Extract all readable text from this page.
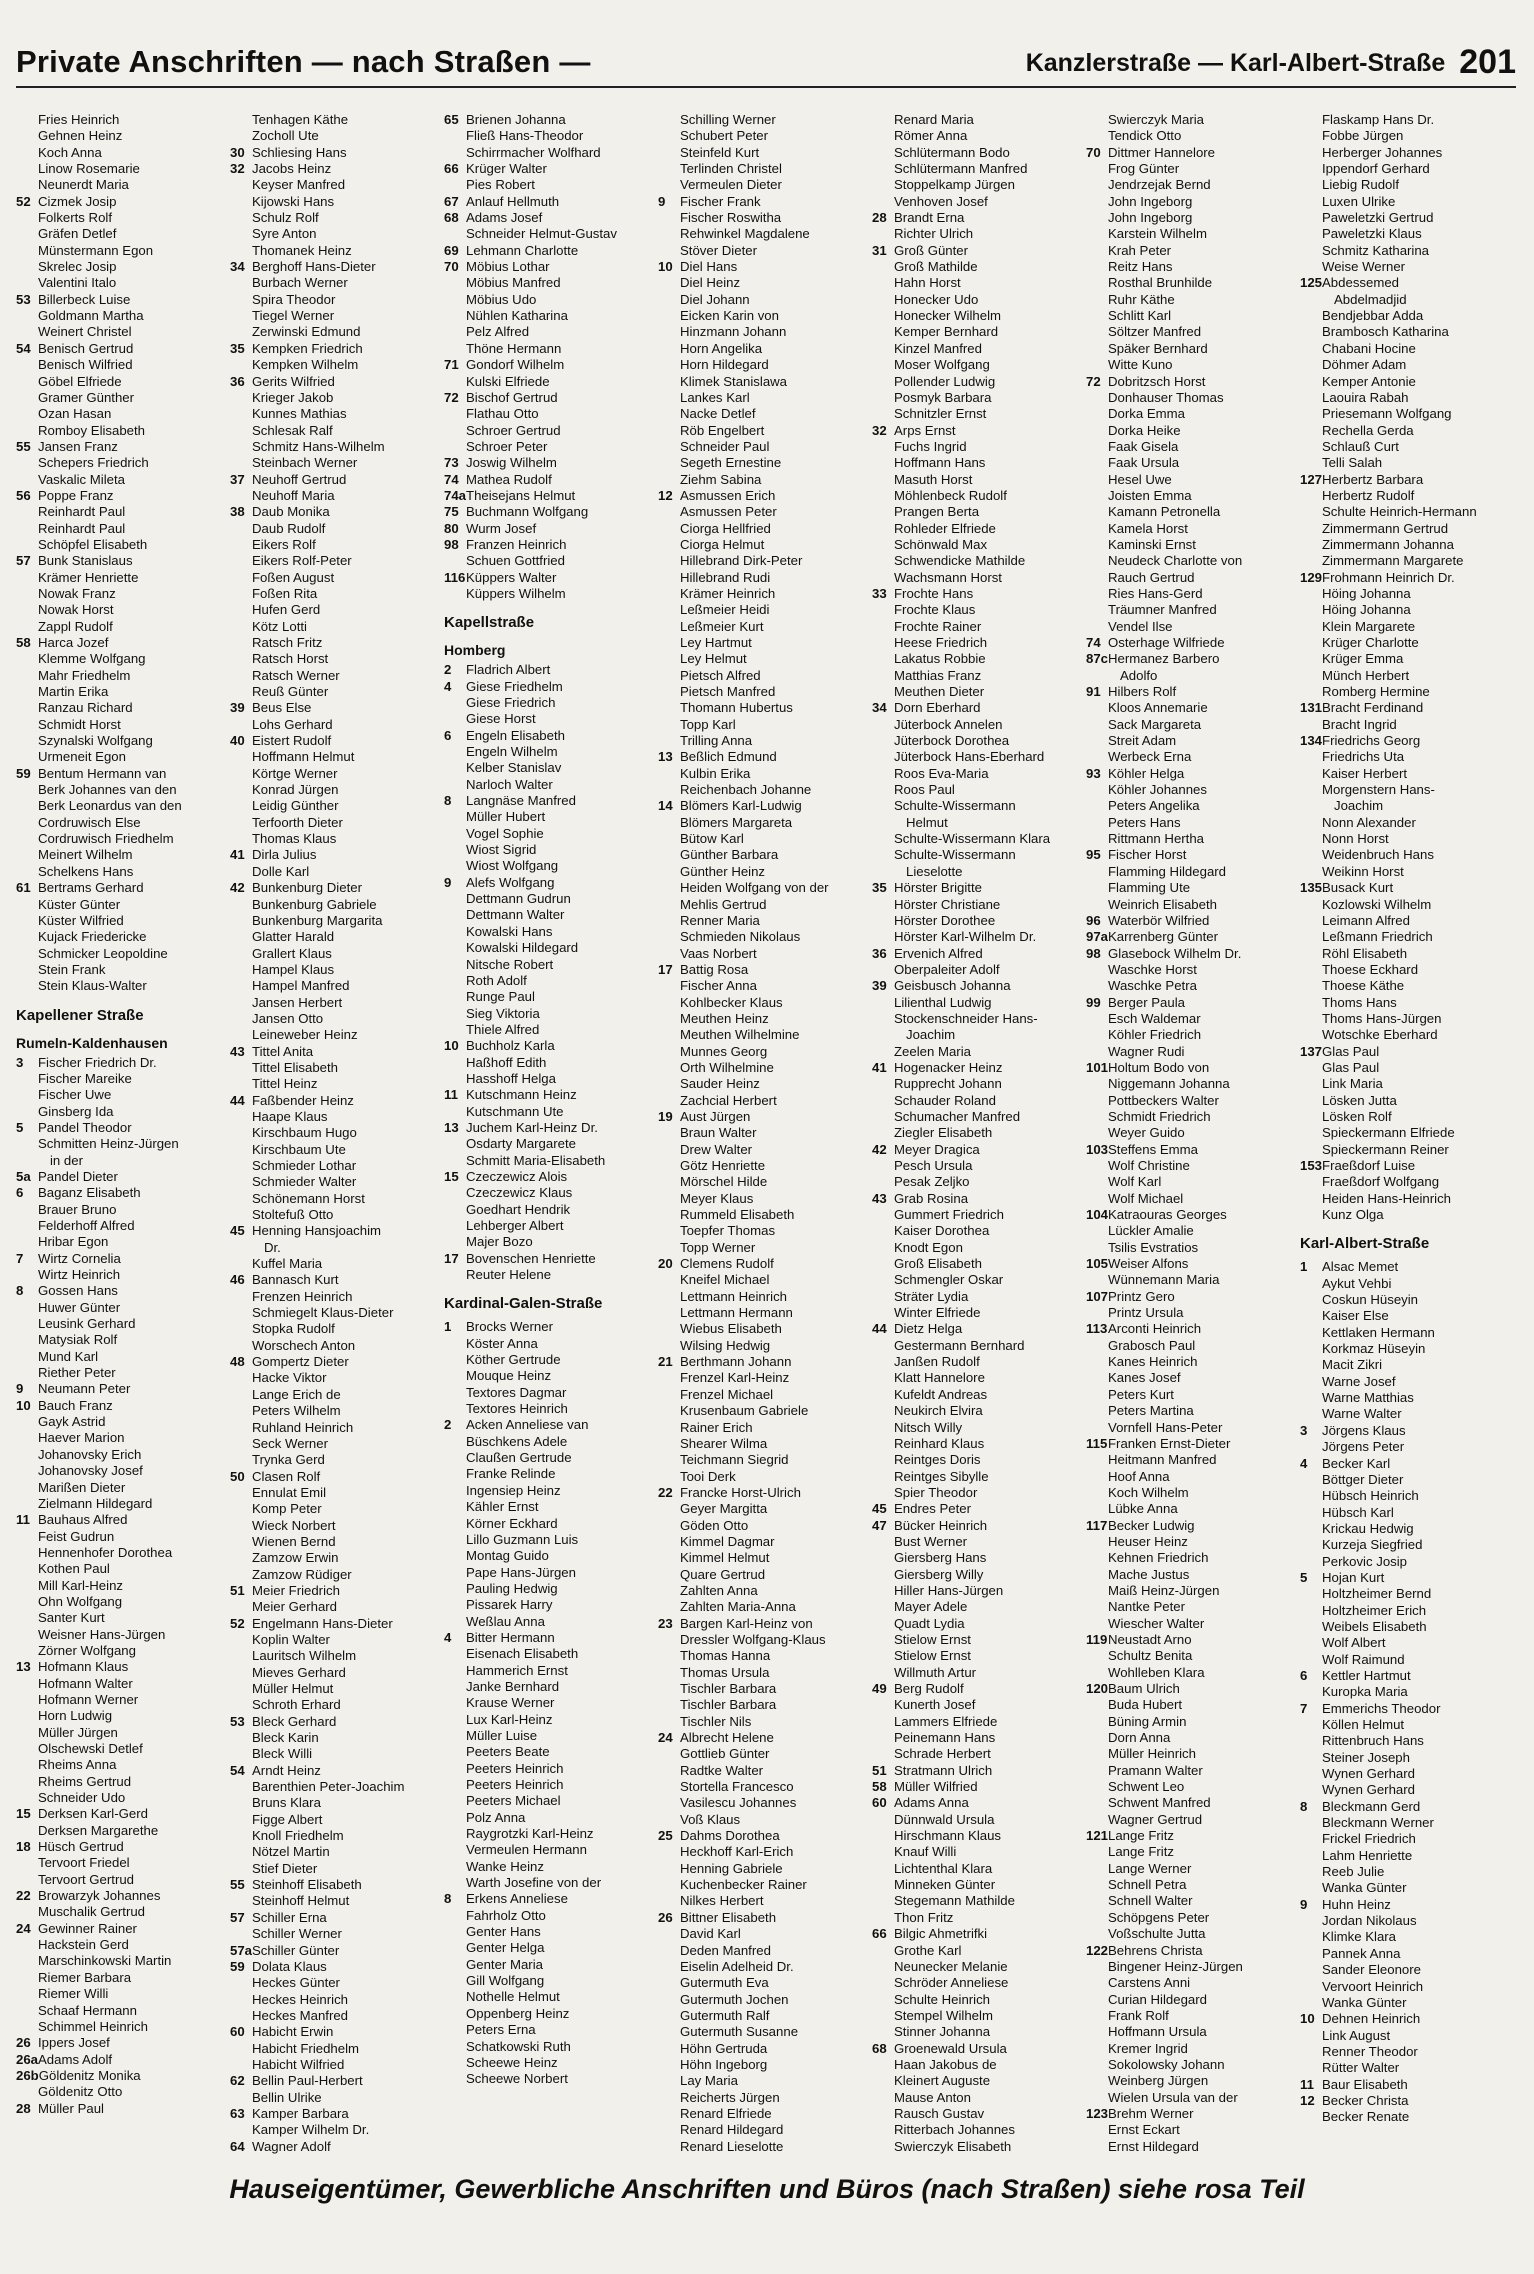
Private Anschriften — nach Straßen —	Kanzlerstraße — Karl-Albert-Straße 201
Fries Heinrich
Gehnen Heinz
Koch Anna
Linow Rosemarie
Neunerdt Maria
52 Cizmek Josip
Folkerts Rolf
Gräfen Detlef
Münstermann Egon
Skrelec Josip
Valentini Italo
53 Billerbeck Luise
Goldmann Martha
Weinert Christel
54 Benisch Gertrud
Benisch Wilfried
Göbel Elfriede
Gramer Günther
Ozan Hasan
Romboy Elisabeth
55 Jansen Franz
Schepers Friedrich
Vaskalic Mileta
56 Poppe Franz
Reinhardt Paul
Reinhardt Paul
Schöpfel Elisabeth
57 Bunk Stanislaus
Krämer Henriette
Nowak Franz
Nowak Horst
Zappl Rudolf
58 Harca Jozef
Klemme Wolfgang
Mahr Friedhelm
Martin Erika
Ranzau Richard
Schmidt Horst
Szynalski Wolfgang
Urmeneit Egon
59 Bentum Hermann van
Berk Johannes van den
Berk Leonardus van den
Cordruwisch Else
Cordruwisch Friedhelm
Meinert Wilhelm
Schelkens Hans
61 Bertrams Gerhard
Küster Günter
Küster Wilfried
Kujack Friedericke
Schmicker Leopoldine
Stein Frank
Stein Klaus-Walter
Kapellener Straße
Rumeln-Kaldenhausen
3	Fischer Friedrich Dr.
Fischer Mareike
Fischer Uwe
Ginsberg Ida
5	Pandel Theodor
Schmitten Heinz-Jürgen
in der
5a Pandel Dieter
6	Baganz Elisabeth
Brauer Bruno
Felderhoff Alfred
Hribar Egon
7	Wirtz Cornelia
Wirtz Heinrich
8	Gossen Hans
Huwer Günter
Leusink Gerhard
Matysiak Rolf
Mund Karl
Riether Peter
9	Neumann Peter
10 Bauch Franz
Gayk Astrid
Haever Marion
Johanovsky Erich
Johanovsky Josef
Marißen Dieter
Zielmann Hildegard
11 Bauhaus Alfred
Feist Gudrun
Hennenhofer Dorothea
Kothen Paul
Mill Karl-Heinz
Ohn Wolfgang
Santer Kurt
Weisner Hans-Jürgen
Zörner Wolfgang
13 Hofmann Klaus
Hofmann Walter
Hofmann Werner
Horn Ludwig
Müller Jürgen
Olschewski Detlef
Rheims Anna
Rheims Gertrud
Schneider Udo
15 Derksen Karl-Gerd
Derksen Margarethe
18 Hüsch Gertrud
Tervoort Friedel
Tervoort Gertrud
22 Browarzyk Johannes
Muschalik Gertrud
24 Gewinner Rainer
Hackstein Gerd
Marschinkowski Martin
Riemer Barbara
Riemer Willi
Schaaf Hermann
Schimmel Heinrich
26 Ippers Josef
26a Adams Adolf
26b Göldenitz Monika
Göldenitz Otto
28 Müller Paul
Tenhagen Käthe
Zocholl Ute
30 Schliesing Hans
32 Jacobs Heinz
Keyser Manfred
Kijowski Hans
Schulz Rolf
Syre Anton
Thomanek Heinz
34 Berghoff Hans-Dieter
Burbach Werner
Spira Theodor
Tiegel Werner
Zerwinski Edmund
35 Kempken Friedrich
Kempken Wilhelm
36 Gerits Wilfried
Krieger Jakob
Kunnes Mathias
Schlesak Ralf
Schmitz Hans-Wilhelm
Steinbach Werner
37 Neuhoff Gertrud
Neuhoff Maria
38 Daub Monika
Daub Rudolf
Eikers Rolf
Eikers Rolf-Peter
Foßen August
Foßen Rita
Hufen Gerd
Kötz Lotti
Ratsch Fritz
Ratsch Horst
Ratsch Werner
Reuß Günter
39 Beus Else
Lohs Gerhard
40 Eistert Rudolf
Hoffmann Helmut
Körtge Werner
Konrad Jürgen
Leidig Günther
Terfoorth Dieter
Thomas Klaus
41 Dirla Julius
Dolle Karl
42 Bunkenburg Dieter
Bunkenburg Gabriele
Bunkenburg Margarita
Glatter Harald
Grallert Klaus
Hampel Klaus
Hampel Manfred
Jansen Herbert
Jansen Otto
Leineweber Heinz
43 Tittel Anita
Tittel Elisabeth
Tittel Heinz
44 Faßbender Heinz
Haape Klaus
Kirschbaum Hugo
Kirschbaum Ute
Schmieder Lothar
Schmieder Walter
Schönemann Horst
Stoltefuß Otto
45 Henning Hansjoachim
Dr.
Kuffel Maria
46 Bannasch Kurt
Frenzen Heinrich
Schmiegelt Klaus-Dieter
Stopka Rudolf
Worschech Anton
48 Gompertz Dieter
Hacke Viktor
Lange Erich de
Peters Wilhelm
Ruhland Heinrich
Seck Werner
Trynka Gerd
50 Clasen Rolf
Ennulat Emil
Komp Peter
Wieck Norbert
Wienen Bernd
Zamzow Erwin
Zamzow Rüdiger
51 Meier Friedrich
Meier Gerhard
52 Engelmann Hans-Dieter
Koplin Walter
Lauritsch Wilhelm
Mieves Gerhard
Müller Helmut
Schroth Erhard
53 Bleck Gerhard
Bleck Karin
Bleck Willi
54 Arndt Heinz
Barenthien Peter-Joachim
Bruns Klara
Figge Albert
Knoll Friedhelm
Nötzel Martin
Stief Dieter
55 Steinhoff Elisabeth
Steinhoff Helmut
57 Schiller Erna
Schiller Werner
57a Schiller Günter
59 Dolata Klaus
Heckes Günter
Heckes Heinrich
Heckes Manfred
60 Habicht Erwin
Habicht Friedhelm
Habicht Wilfried
62 Bellin Paul-Herbert
Bellin Ulrike
63 Kamper Barbara
Kamper Wilhelm Dr.
64 Wagner Adolf
65 Brienen Johanna
Fließ Hans-Theodor
Schirrmacher Wolfhard
66 Krüger Walter
Pies Robert
67 Anlauf Hellmuth
68 Adams Josef
Schneider Helmut-Gustav
69 Lehmann Charlotte
70 Möbius Lothar
Möbius Manfred
Möbius Udo
Nühlen Katharina
Pelz Alfred
Thöne Hermann
71 Gondorf Wilhelm
Kulski Elfriede
72 Bischof Gertrud
Flathau Otto
Schroer Gertrud
Schroer Peter
73 Joswig Wilhelm
74 Mathea Rudolf
74a Theisejans Helmut
75 Buchmann Wolfgang
80 Wurm Josef
98 Franzen Heinrich
Schuen Gottfried
116 Küppers Walter
Küppers Wilhelm
Kapellstraße
Homberg
2	Fladrich Albert
4	Giese Friedhelm
Giese Friedrich
Giese Horst
6	Engeln Elisabeth
Engeln Wilhelm
Kelber Stanislav
Narloch Walter
8	Langnäse Manfred
Müller Hubert
Vogel Sophie
Wiost Sigrid
Wiost Wolfgang
9	Alefs Wolfgang
Dettmann Gudrun
Dettmann Walter
Kowalski Hans
Kowalski Hildegard
Nitsche Robert
Roth Adolf
Runge Paul
Sieg Viktoria
Thiele Alfred
10 Buchholz Karla
Haßhoff Edith
Hasshoff Helga
11 Kutschmann Heinz
Kutschmann Ute
13 Juchem Karl-Heinz Dr.
Osdarty Margarete
Schmitt Maria-Elisabeth
15 Czeczewicz Alois
Czeczewicz Klaus
Goedhart Hendrik
Lehberger Albert
Majer Bozo
17 Bovenschen Henriette
Reuter Helene
Kardinal-Galen-Straße
1	Brocks Werner
Köster Anna
Köther Gertrude
Mouque Heinz
Textores Dagmar
Textores Heinrich
2	Acken Anneliese van
Büschkens Adele
Claußen Gertrude
Franke Relinde
Ingensiep Heinz
Kähler Ernst
Körner Eckhard
Lillo Guzmann Luis
Montag Guido
Pape Hans-Jürgen
Pauling Hedwig
Pissarek Harry
Weßlau Anna
4	Bitter Hermann
Eisenach Elisabeth
Hammerich Ernst
Janke Bernhard
Krause Werner
Lux Karl-Heinz
Müller Luise
Peeters Beate
Peeters Heinrich
Peeters Heinrich
Peeters Michael
Polz Anna
Raygrotzki Karl-Heinz
Vermeulen Hermann
Wanke Heinz
Warth Josefine von der
8	Erkens Anneliese
Fahrholz Otto
Genter Hans
Genter Helga
Genter Maria
Gill Wolfgang
Nothelle Helmut
Oppenberg Heinz
Peters Erna
Schatkowski Ruth
Scheewe Heinz
Scheewe Norbert
Schilling Werner
Schubert Peter
Steinfeld Kurt
Terlinden Christel
Vermeulen Dieter
9	Fischer Frank
Fischer Roswitha
Rehwinkel Magdalene
Stöver Dieter
10 Diel Hans
Diel Heinz
Diel Johann
Eicken Karin von
Hinzmann Johann
Horn Angelika
Horn Hildegard
Klimek Stanislawa
Lankes Karl
Nacke Detlef
Röb Engelbert
Schneider Paul
Segeth Ernestine
Ziehm Sabina
12 Asmussen Erich
Asmussen Peter
Ciorga Hellfried
Ciorga Helmut
Hillebrand Dirk-Peter
Hillebrand Rudi
Krämer Heinrich
Leßmeier Heidi
Leßmeier Kurt
Ley Hartmut
Ley Helmut
Pietsch Alfred
Pietsch Manfred
Thomann Hubertus
Topp Karl
Trilling Anna
13 Beßlich Edmund
Kulbin Erika
Reichenbach Johanne
14 Blömers Karl-Ludwig
Blömers Margareta
Bütow Karl
Günther Barbara
Günther Heinz
Heiden Wolfgang von der
Mehlis Gertrud
Renner Maria
Schmieden Nikolaus
Vaas Norbert
17 Battig Rosa
Fischer Anna
Kohlbecker Klaus
Meuthen Heinz
Meuthen Wilhelmine
Munnes Georg
Orth Wilhelmine
Sauder Heinz
Zachcial Herbert
19 Aust Jürgen
Braun Walter
Drew Walter
Götz Henriette
Mörschel Hilde
Meyer Klaus
Rummeld Elisabeth
Toepfer Thomas
Topp Werner
20 Clemens Rudolf
Kneifel Michael
Lettmann Heinrich
Lettmann Hermann
Wiebus Elisabeth
Wilsing Hedwig
21 Berthmann Johann
Frenzel Karl-Heinz
Frenzel Michael
Krusenbaum Gabriele
Rainer Erich
Shearer Wilma
Teichmann Siegrid
Tooi Derk
22 Francke Horst-Ulrich
Geyer Margitta
Göden Otto
Kimmel Dagmar
Kimmel Helmut
Quare Gertrud
Zahlten Anna
Zahlten Maria-Anna
23 Bargen Karl-Heinz von
Dressler Wolfgang-Klaus
Thomas Hanna
Thomas Ursula
Tischler Barbara
Tischler Barbara
Tischler Nils
24 Albrecht Helene
Gottlieb Günter
Radtke Walter
Stortella Francesco
Vasilescu Johannes
Voß Klaus
25 Dahms Dorothea
Heckhoff Karl-Erich
Henning Gabriele
Kuchenbecker Rainer
Nilkes Herbert
26 Bittner Elisabeth
David Karl
Deden Manfred
Eiselin Adelheid Dr.
Gutermuth Eva
Gutermuth Jochen
Gutermuth Ralf
Gutermuth Susanne
Höhn Gertruda
Höhn Ingeborg
Lay Maria
Reicherts Jürgen
Renard Elfriede
Renard Hildegard
Renard Lieselotte
Renard Maria
Römer Anna
Schlütermann Bodo
Schlütermann Manfred
Stoppelkamp Jürgen
Venhoven Josef
28 Brandt Erna
Richter Ulrich
31 Groß Günter
Groß Mathilde
Hahn Horst
Honecker Udo
Honecker Wilhelm
Kemper Bernhard
Kinzel Manfred
Moser Wolfgang
Pollender Ludwig
Posmyk Barbara
Schnitzler Ernst
32 Arps Ernst
Fuchs Ingrid
Hoffmann Hans
Masuth Horst
Möhlenbeck Rudolf
Prangen Berta
Rohleder Elfriede
Schönwald Max
Schwendicke Mathilde
Wachsmann Horst
33 Frochte Hans
Frochte Klaus
Frochte Rainer
Heese Friedrich
Lakatus Robbie
Matthias Franz
Meuthen Dieter
34 Dorn Eberhard
Jüterbock Annelen
Jüterbock Dorothea
Jüterbock Hans-Eberhard
Roos Eva-Maria
Roos Paul
Schulte-Wissermann
Helmut
Schulte-Wissermann Klara
Schulte-Wissermann
Lieselotte
35 Hörster Brigitte
Hörster Christiane
Hörster Dorothee
Hörster Karl-Wilhelm Dr.
36 Ervenich Alfred
Oberpaleiter Adolf
39 Geisbusch Johanna
Lilienthal Ludwig
Stockenschneider Hans-
Joachim
Zeelen Maria
41 Hogenacker Heinz
Rupprecht Johann
Schauder Roland
Schumacher Manfred
Ziegler Elisabeth
42 Meyer Dragica
Pesch Ursula
Pesak Zeljko
43 Grab Rosina
Gummert Friedrich
Kaiser Dorothea
Knodt Egon
Groß Elisabeth
Schmengler Oskar
Sträter Lydia
Winter Elfriede
44 Dietz Helga
Gestermann Bernhard
Janßen Rudolf
Klatt Hannelore
Kufeldt Andreas
Neukirch Elvira
Nitsch Willy
Reinhard Klaus
Reintges Doris
Reintges Sibylle
Spier Theodor
45 Endres Peter
47 Bücker Heinrich
Bust Werner
Giersberg Hans
Giersberg Willy
Hiller Hans-Jürgen
Mayer Adele
Quadt Lydia
Stielow Ernst
Stielow Ernst
Willmuth Artur
49 Berg Rudolf
Kunerth Josef
Lammers Elfriede
Peinemann Hans
Schrade Herbert
51 Stratmann Ulrich
58 Müller Wilfried
60 Adams Anna
Dünnwald Ursula
Hirschmann Klaus
Knauf Willi
Lichtenthal Klara
Minneken Günter
Stegemann Mathilde
Thon Fritz
66 Bilgic Ahmetrifki
Grothe Karl
Neunecker Melanie
Schröder Anneliese
Schulte Heinrich
Stempel Wilhelm
Stinner Johanna
68 Groenewald Ursula
Haan Jakobus de
Kleinert Auguste
Mause Anton
Rausch Gustav
Ritterbach Johannes
Swierczyk Elisabeth
Swierczyk Maria
Tendick Otto
70 Dittmer Hannelore
Frog Günter
Jendrzejak Bernd
John Ingeborg
John Ingeborg
Karstein Wilhelm
Krah Peter
Reitz Hans
Rosthal Brunhilde
Ruhr Käthe
Schlitt Karl
Söltzer Manfred
Späker Bernhard
Witte Kuno
72 Dobritzsch Horst
Donhauser Thomas
Dorka Emma
Dorka Heike
Faak Gisela
Faak Ursula
Hesel Uwe
Joisten Emma
Kamann Petronella
Kamela Horst
Kaminski Ernst
Neudeck Charlotte von
Rauch Gertrud
Ries Hans-Gerd
Träumner Manfred
Vendel Ilse
74 Osterhage Wilfriede
87c Hermanez Barbero
Adolfo
91 Hilbers Rolf
Kloos Annemarie
Sack Margareta
Streit Adam
Werbeck Erna
93 Köhler Helga
Köhler Johannes
Peters Angelika
Peters Hans
Rittmann Hertha
95 Fischer Horst
Flamming Hildegard
Flamming Ute
Weinrich Elisabeth
96 Waterbör Wilfried
97a Karrenberg Günter
98 Glasebock Wilhelm Dr.
Waschke Horst
Waschke Petra
99 Berger Paula
Esch Waldemar
Köhler Friedrich
Wagner Rudi
101 Holtum Bodo von
Niggemann Johanna
Pottbeckers Walter
Schmidt Friedrich
Weyer Guido
103 Steffens Emma
Wolf Christine
Wolf Karl
Wolf Michael
104 Katraouras Georges
Lückler Amalie
Tsilis Evstratios
105 Weiser Alfons
Wünnemann Maria
107 Printz Gero
Printz Ursula
113 Arconti Heinrich
Grabosch Paul
Kanes Heinrich
Kanes Josef
Peters Kurt
Peters Martina
Vornfell Hans-Peter
115 Franken Ernst-Dieter
Heitmann Manfred
Hoof Anna
Koch Wilhelm
Lübke Anna
117 Becker Ludwig
Heuser Heinz
Kehnen Friedrich
Mache Justus
Maiß Heinz-Jürgen
Nantke Peter
Wiescher Walter
119 Neustadt Arno
Schultz Benita
Wohlleben Klara
120 Baum Ulrich
Buda Hubert
Büning Armin
Dorn Anna
Müller Heinrich
Pramann Walter
Schwent Leo
Schwent Manfred
Wagner Gertrud
121 Lange Fritz
Lange Fritz
Lange Werner
Schnell Petra
Schnell Walter
Schöpgens Peter
Voßschulte Jutta
122 Behrens Christa
Bingener Heinz-Jürgen
Carstens Anni
Curian Hildegard
Frank Rolf
Hoffmann Ursula
Kremer Ingrid
Sokolowsky Johann
Weinberg Jürgen
Wielen Ursula van der
123 Brehm Werner
Ernst Eckart
Ernst Hildegard
Flaskamp Hans Dr.
Fobbe Jürgen
Herberger Johannes
Ippendorf Gerhard
Liebig Rudolf
Luxen Ulrike
Paweletzki Gertrud
Paweletzki Klaus
Schmitz Katharina
Weise Werner
125 Abdessemed
Abdelmadjid
Bendjebbar Adda
Brambosch Katharina
Chabani Hocine
Döhmer Adam
Kemper Antonie
Laouira Rabah
Priesemann Wolfgang
Rechella Gerda
Schlauß Curt
Telli Salah
127 Herbertz Barbara
Herbertz Rudolf
Schulte Heinrich-Hermann
Zimmermann Gertrud
Zimmermann Johanna
Zimmermann Margarete
129 Frohmann Heinrich Dr.
Höing Johanna
Höing Johanna
Klein Margarete
Krüger Charlotte
Krüger Emma
Münch Herbert
Romberg Hermine
131 Bracht Ferdinand
Bracht Ingrid
134 Friedrichs Georg
Friedrichs Uta
Kaiser Herbert
Morgenstern Hans-
Joachim
Nonn Alexander
Nonn Horst
Weidenbruch Hans
Weikinn Horst
135 Busack Kurt
Kozlowski Wilhelm
Leimann Alfred
Leßmann Friedrich
Röhl Elisabeth
Thoese Eckhard
Thoese Käthe
Thoms Hans
Thoms Hans-Jürgen
Wotschke Eberhard
137 Glas Paul
Glas Paul
Link Maria
Lösken Jutta
Lösken Rolf
Spieckermann Elfriede
Spieckermann Reiner
153 Fraeßdorf Luise
Fraeßdorf Wolfgang
Heiden Hans-Heinrich
Kunz Olga
Karl-Albert-Straße
1	Alsac Memet
Aykut Vehbi
Coskun Hüseyin
Kaiser Else
Kettlaken Hermann
Korkmaz Hüseyin
Macit Zikri
Warne Josef
Warne Matthias
Warne Walter
3	Jörgens Klaus
Jörgens Peter
4	Becker Karl
Böttger Dieter
Hübsch Heinrich
Hübsch Karl
Krickau Hedwig
Kurzeja Siegfried
Perkovic Josip
5	Hojan Kurt
Holtzheimer Bernd
Holtzheimer Erich
Weibels Elisabeth
Wolf Albert
Wolf Raimund
6	Kettler Hartmut
Kuropka Maria
7	Emmerichs Theodor
Köllen Helmut
Rittenbruch Hans
Steiner Joseph
Wynen Gerhard
Wynen Gerhard
8	Bleckmann Gerd
Bleckmann Werner
Frickel Friedrich
Lahm Henriette
Reeb Julie
Wanka Günter
9	Huhn Heinz
Jordan Nikolaus
Klimke Klara
Pannek Anna
Sander Eleonore
Vervoort Heinrich
Wanka Günter
10 Dehnen Heinrich
Link August
Renner Theodor
Rütter Walter
11 Baur Elisabeth
12 Becker Christa
Becker Renate
Hauseigentümer, Gewerbliche Anschriften und Büros (nach Straßen) siehe rosa Teil
